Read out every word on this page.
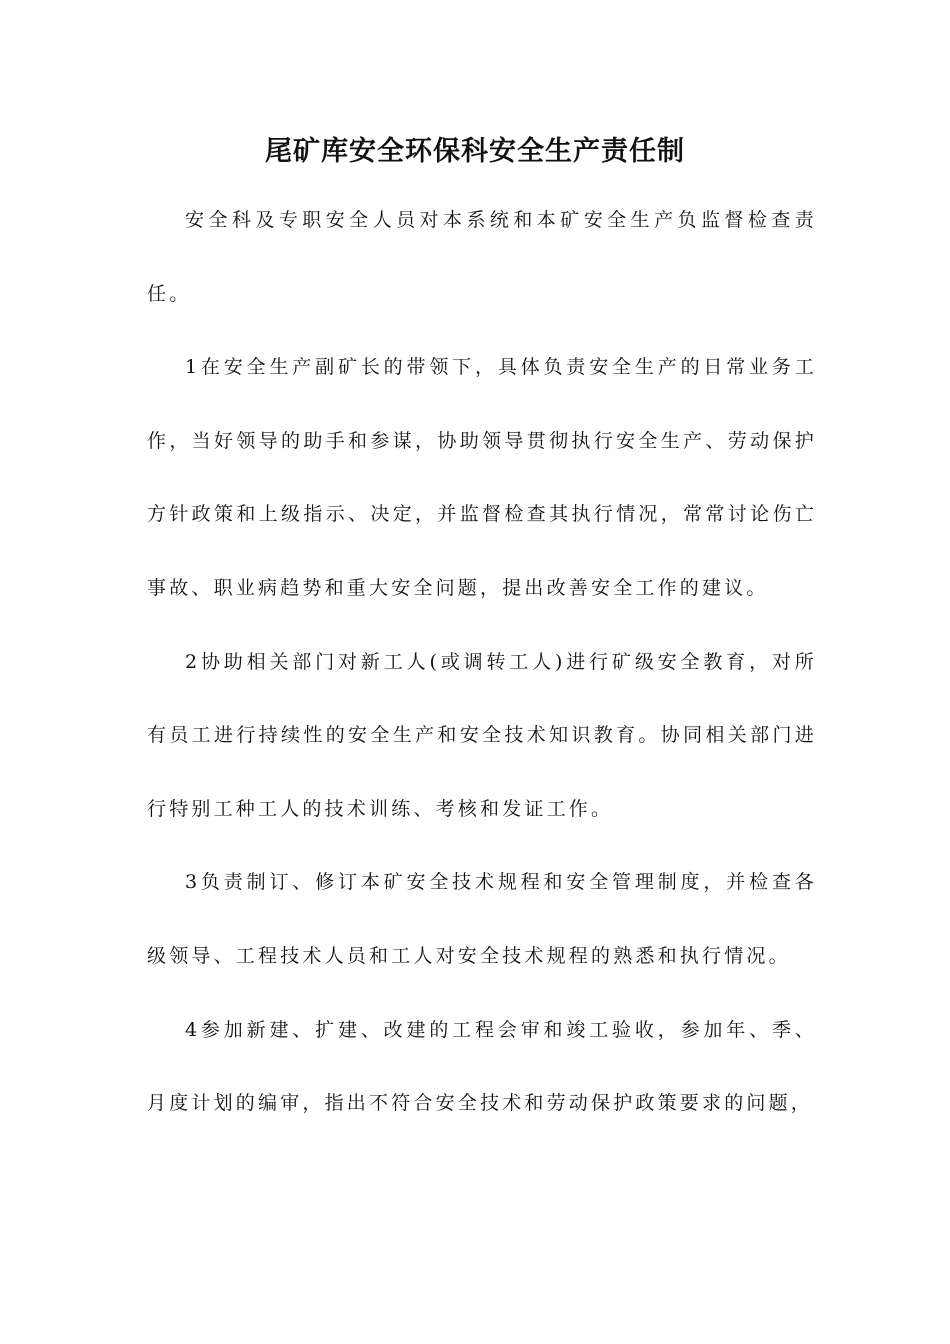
尾矿库安全环保科安全生产责任制

安全科及专职安全人员对本系统和本矿安全生产负监督检查责任。

1在安全生产副矿长的带领下，具体负责安全生产的日常业务工作，当好领导的助手和参谋，协助领导贯彻执行安全生产、劳动保护方针政策和上级指示、决定，并监督检查其执行情况，常常讨论伤亡事故、职业病趋势和重大安全问题，提出改善安全工作的建议。

2协助相关部门对新工人(或调转工人)进行矿级安全教育，对所有员工进行持续性的安全生产和安全技术知识教育。协同相关部门进行特别工种工人的技术训练、考核和发证工作。

3负责制订、修订本矿安全技术规程和安全管理制度，并检查各级领导、工程技术人员和工人对安全技术规程的熟悉和执行情况。

4参加新建、扩建、改建的工程会审和竣工验收，参加年、季、月度计划的编审，指出不符合安全技术和劳动保护政策要求的问题，
